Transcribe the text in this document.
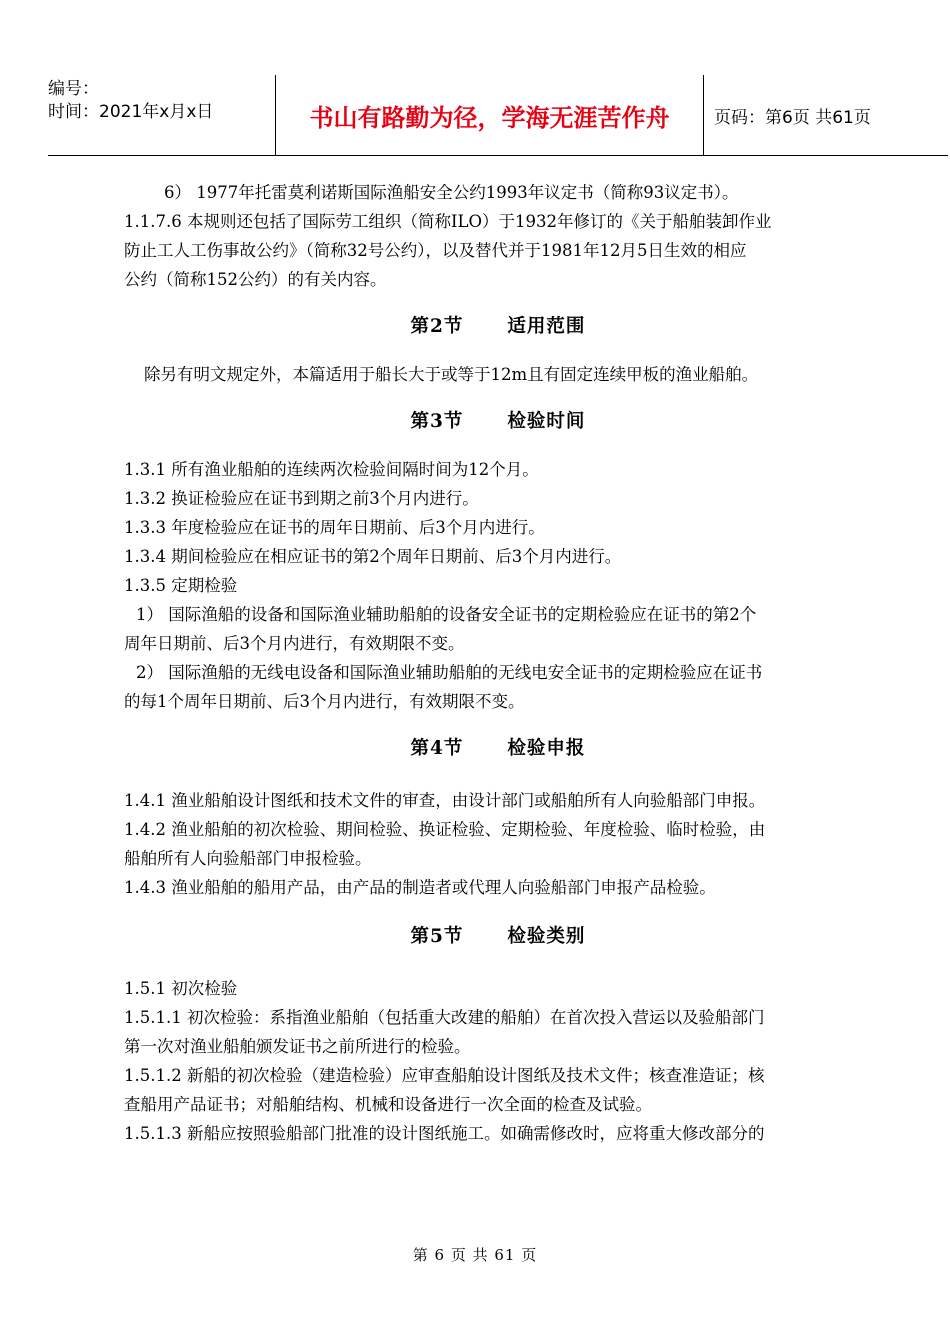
编号：
时间：2021年x月x日	书山有路勤为径，学海无涯苦作舟	页码：第6页 共61页
6） 1977年托雷莫利诺斯国际渔船安全公约1993年议定书（简称93议定书）。
1.1.7.6 本规则还包括了国际劳工组织（简称ILO）于1932年修订的《关于船舶装卸作业
防止工人工伤事故公约》（简称32号公约），以及替代并于1981年12月5日生效的相应
公约（简称152公约）的有关内容。
第2节 适用范围
除另有明文规定外，本篇适用于船长大于或等于12m且有固定连续甲板的渔业船舶。
第3节 检验时间
1.3.1 所有渔业船舶的连续两次检验间隔时间为12个月。
1.3.2 换证检验应在证书到期之前3个月内进行。
1.3.3 年度检验应在证书的周年日期前、后3个月内进行。
1.3.4 期间检验应在相应证书的第2个周年日期前、后3个月内进行。
1.3.5 定期检验
1） 国际渔船的设备和国际渔业辅助船舶的设备安全证书的定期检验应在证书的第2个
周年日期前、后3个月内进行，有效期限不变。
2） 国际渔船的无线电设备和国际渔业辅助船舶的无线电安全证书的定期检验应在证书
的每1个周年日期前、后3个月内进行，有效期限不变。
第4节 检验申报
1.4.1 渔业船舶设计图纸和技术文件的审查，由设计部门或船舶所有人向验船部门申报。
1.4.2 渔业船舶的初次检验、期间检验、换证检验、定期检验、年度检验、临时检验，由
船舶所有人向验船部门申报检验。
1.4.3 渔业船舶的船用产品，由产品的制造者或代理人向验船部门申报产品检验。
第5节 检验类别
1.5.1 初次检验
1.5.1.1 初次检验：系指渔业船舶（包括重大改建的船舶）在首次投入营运以及验船部门
第一次对渔业船舶颁发证书之前所进行的检验。
1.5.1.2 新船的初次检验（建造检验）应审查船舶设计图纸及技术文件；核查准造证；核
查船用产品证书；对船舶结构、机械和设备进行一次全面的检查及试验。
1.5.1.3 新船应按照验船部门批准的设计图纸施工。如确需修改时，应将重大修改部分的
第 6 页 共 61 页
